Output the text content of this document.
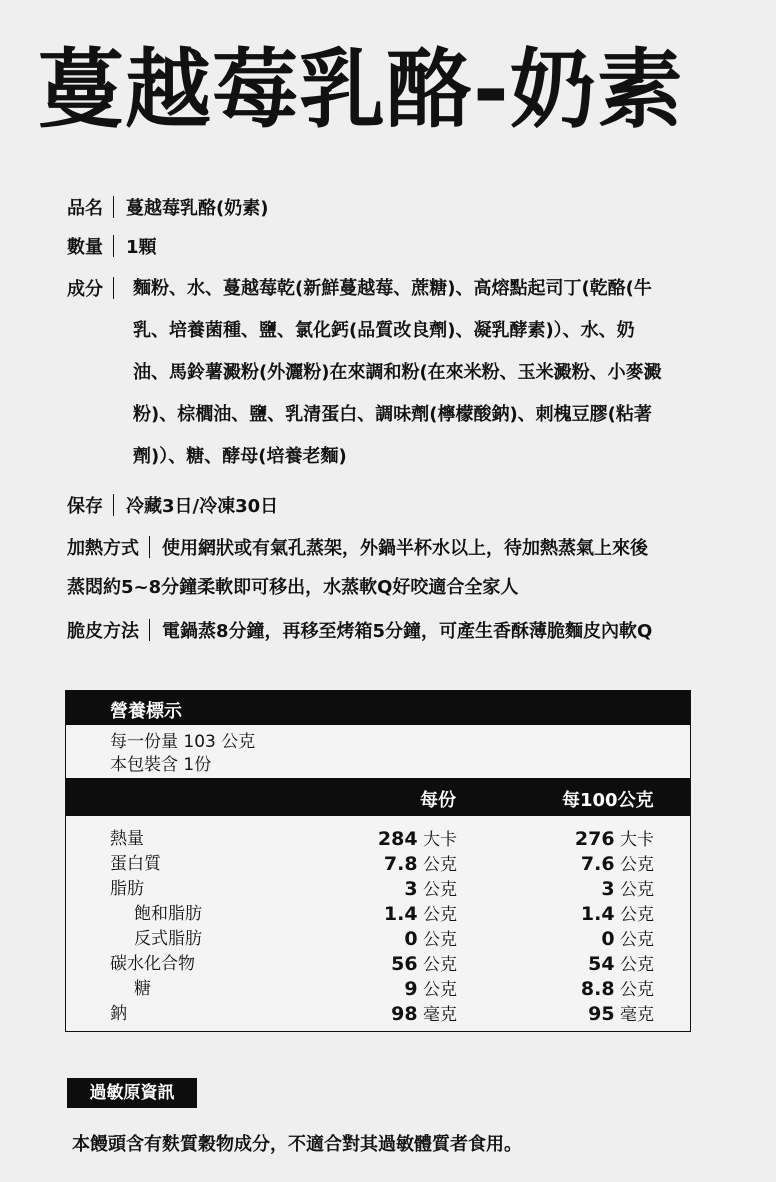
蔓越莓乳酪-奶素
品名 蔓越莓乳酪(奶素)
數量 1顆
成分	麵粉、水、蔓越莓乾(新鮮蔓越莓、蔗糖)、高熔點起司丁(乾酪(牛
乳、培養菌種、鹽、氯化鈣(品質改良劑)、凝乳酵素)）、水、奶
油、馬鈴薯澱粉(外灑粉)在來調和粉(在來米粉、玉米澱粉、小麥澱
粉)、棕櫚油、鹽、乳清蛋白、調味劑(檸檬酸鈉)、刺槐豆膠(粘著
劑)）、糖、酵母(培養老麵)
保存 冷藏3日/冷凍30日
加熱方式 使用網狀或有氣孔蒸架，外鍋半杯水以上，待加熱蒸氣上來後
蒸悶約5~8分鐘柔軟即可移出，水蒸軟Q好咬適合全家人
脆皮方法 電鍋蒸8分鐘，再移至烤箱5分鐘，可產生香酥薄脆麵皮內軟Q
營養標示
每一份量 103 公克
本包裝含 1份
每份	每100公克
熱量	284 大卡	276 大卡
蛋白質	7.8 公克	7.6 公克
脂肪	3 公克	3 公克
飽和脂肪	1.4 公克	1.4 公克
反式脂肪	0 公克	0 公克
碳水化合物	56 公克	54 公克
糖	9 公克	8.8 公克
鈉	98 毫克	95 毫克
過敏原資訊
本饅頭含有麩質穀物成分，不適合對其過敏體質者食用。
